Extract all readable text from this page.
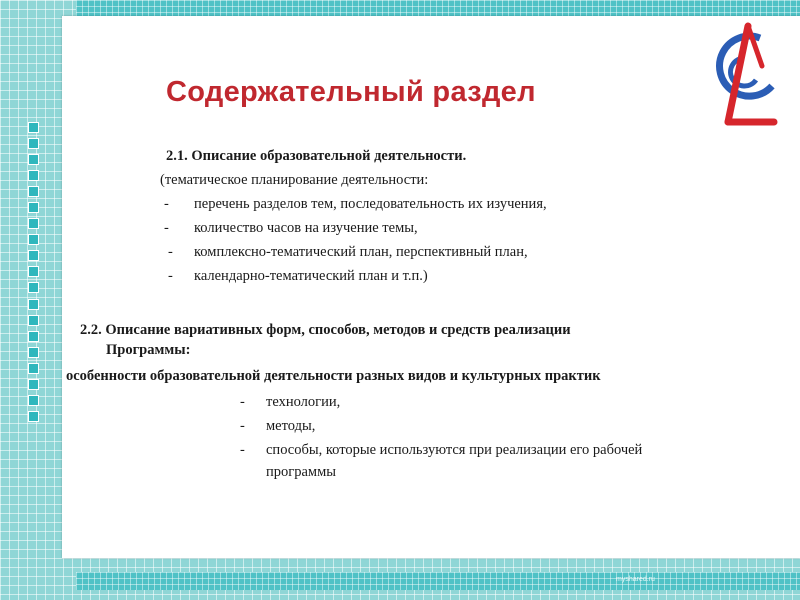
Содержательный раздел
2.1. Описание образовательной деятельности.
(тематическое планирование деятельности:
- перечень разделов тем, последовательность их изучения,
- количество часов на изучение темы,
- комплексно-тематический план, перспективный план,
- календарно-тематический план и т.п.)
2.2. Описание вариативных форм, способов, методов и средств реализации
Программы:
особенности образовательной деятельности разных видов и культурных практик
- технологии,
- методы,
- способы, которые используются при реализации его рабочей
программы
myshared.ru
